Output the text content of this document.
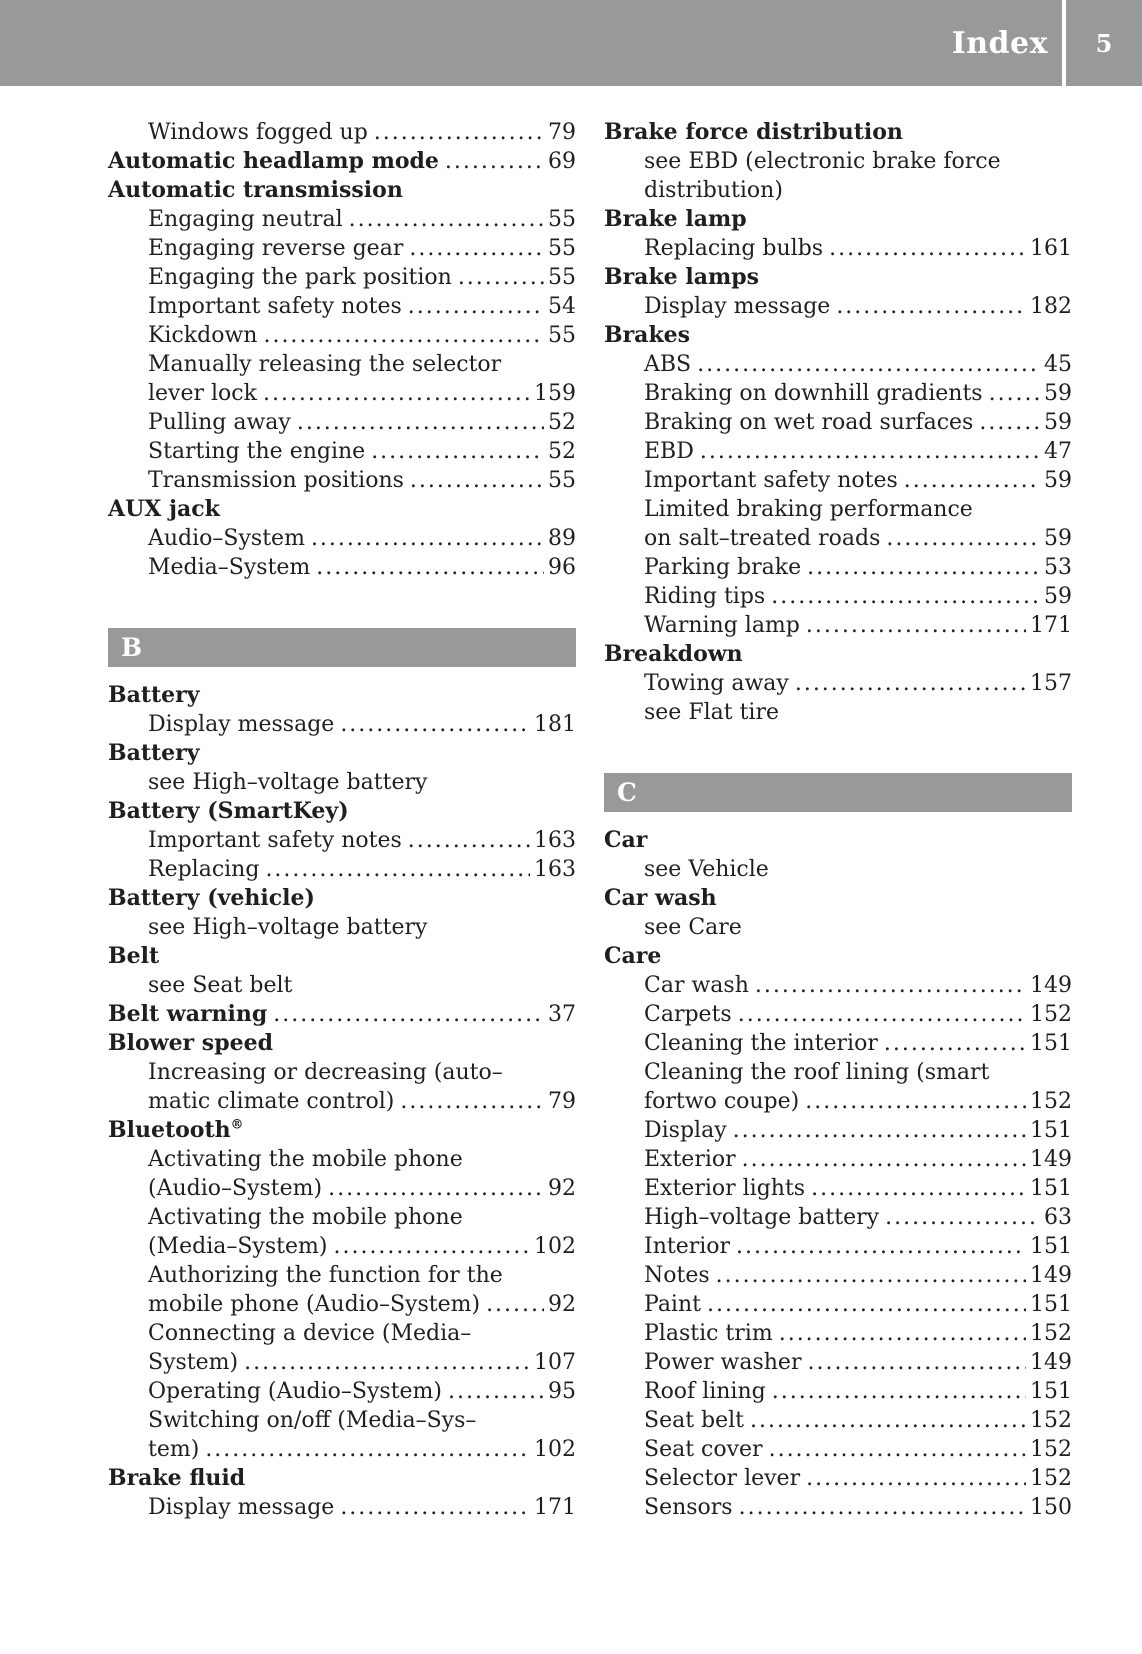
Index	5
Windows fogged up .....	79
Automatic headlamp mode .....	69
Automatic transmission
Engaging neutral .....	55
Engaging reverse gear .....	55
Engaging the park position .....	55
Important safety notes .....	54
Kickdown .....	55
Manually releasing the selector
lever lock .....	159
Pulling away .....	52
Starting the engine .....	52
Transmission positions .....	55
AUX jack
Audio–System .....	89
Media–System .....	96
B
Battery
Display message .....	181
Battery
see High–voltage battery
Battery (SmartKey)
Important safety notes .....	163
Replacing .....	163
Battery (vehicle)
see High–voltage battery
Belt
see Seat belt
Belt warning .....	37
Blower speed
Increasing or decreasing (auto–
matic climate control) .....	79
Bluetooth®
Activating the mobile phone
(Audio–System) .....	92
Activating the mobile phone
(Media–System) .....	102
Authorizing the function for the
mobile phone (Audio–System) .....	92
Connecting a device (Media–
System) .....	107
Operating (Audio–System) .....	95
Switching on/off (Media–Sys–
tem) .....	102
Brake fluid
Display message .....	171
Brake force distribution
see EBD (electronic brake force
distribution)
Brake lamp
Replacing bulbs .....	161
Brake lamps
Display message .....	182
Brakes
ABS .....	45
Braking on downhill gradients .....	59
Braking on wet road surfaces .....	59
EBD .....	47
Important safety notes .....	59
Limited braking performance
on salt–treated roads .....	59
Parking brake .....	53
Riding tips .....	59
Warning lamp .....	171
Breakdown
Towing away .....	157
see Flat tire
C
Car
see Vehicle
Car wash
see Care
Care
Car wash .....	149
Carpets .....	152
Cleaning the interior .....	151
Cleaning the roof lining (smart
fortwo coupe) .....	152
Display .....	151
Exterior .....	149
Exterior lights .....	151
High–voltage battery .....	63
Interior .....	151
Notes .....	149
Paint .....	151
Plastic trim .....	152
Power washer .....	149
Roof lining .....	151
Seat belt .....	152
Seat cover .....	152
Selector lever .....	152
Sensors .....	150
